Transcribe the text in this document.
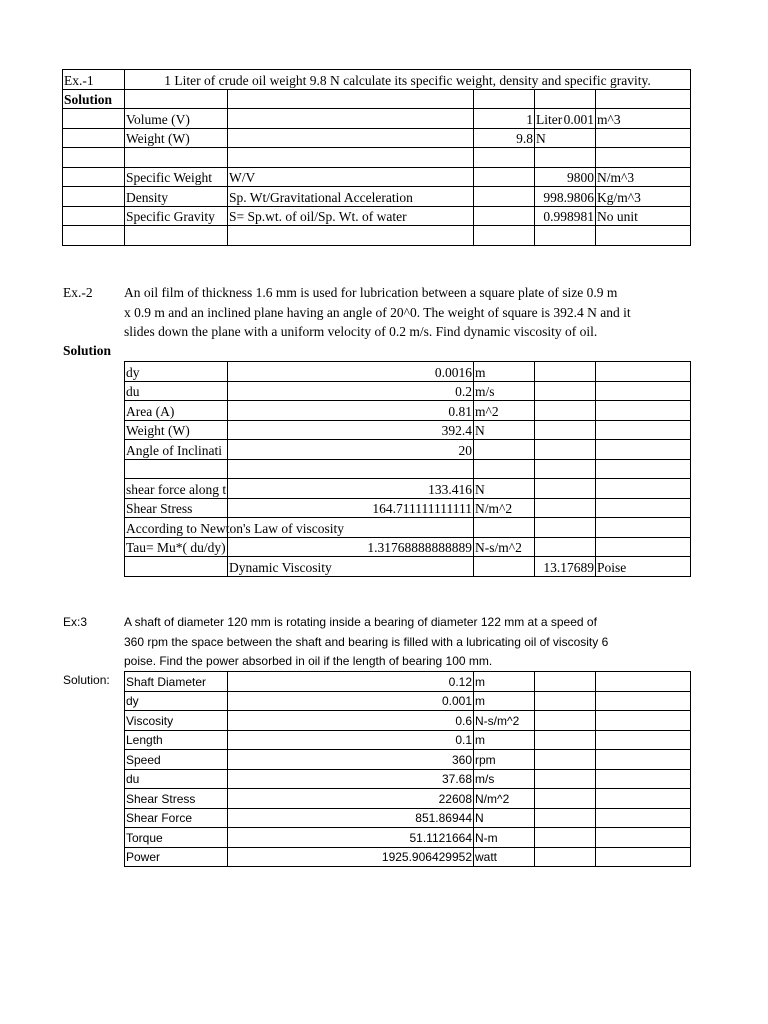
Ex.-1	1 Liter of crude oil weight 9.8 N calculate its specific weight, density and specific gravity.				
Solution					
	Volume (V)		1	Liter 0.001	m^3
	Weight (W)		9.8	N

	Specific Weight	W/V		9800	N/m^3
	Density	Sp. Wt/Gravitational Acceleration		998.9806	Kg/m^3
	Specific Gravity	S= Sp.wt. of oil/Sp. Wt. of water		0.998981	No unit

Ex.-2 An oil film of thickness 1.6 mm is used for lubrication between a square plate of size 0.9 m
x 0.9 m and an inclined plane having an angle of 20^0. The weight of square is 392.4 N and it
slides down the plane with a uniform velocity of 0.2 m/s. Find dynamic viscosity of oil.
Solution
dy	0.0016	m		
du	0.2	m/s		
Area (A)	0.81	m^2		
Weight (W)	392.4	N		
Angle of Inclinati	20			

shear force along t	133.416	N		
Shear Stress	164.711111111111	N/m^2		
According to Newton's Law of viscosity				
Tau= Mu*( du/dy)	1.31768888888889	N-s/m^2		
	Dynamic Viscosity		13.17689	Poise
Ex:3	A shaft of diameter 120 mm is rotating inside a bearing of diameter 122 mm at a speed of
360 rpm the space between the shaft and bearing is filled with a lubricating oil of viscosity 6
poise. Find the power absorbed in oil if the length of bearing 100 mm.
Solution: Shaft Diameter	0.12	m		
dy	0.001	m		
Viscosity	0.6	N-s/m^2		
Length	0.1	m		
Speed	360	rpm		
du	37.68	m/s		
Shear Stress	22608	N/m^2		
Shear Force	851.86944	N		
Torque	51.1121664	N-m		
Power	1925.906429952	watt		
